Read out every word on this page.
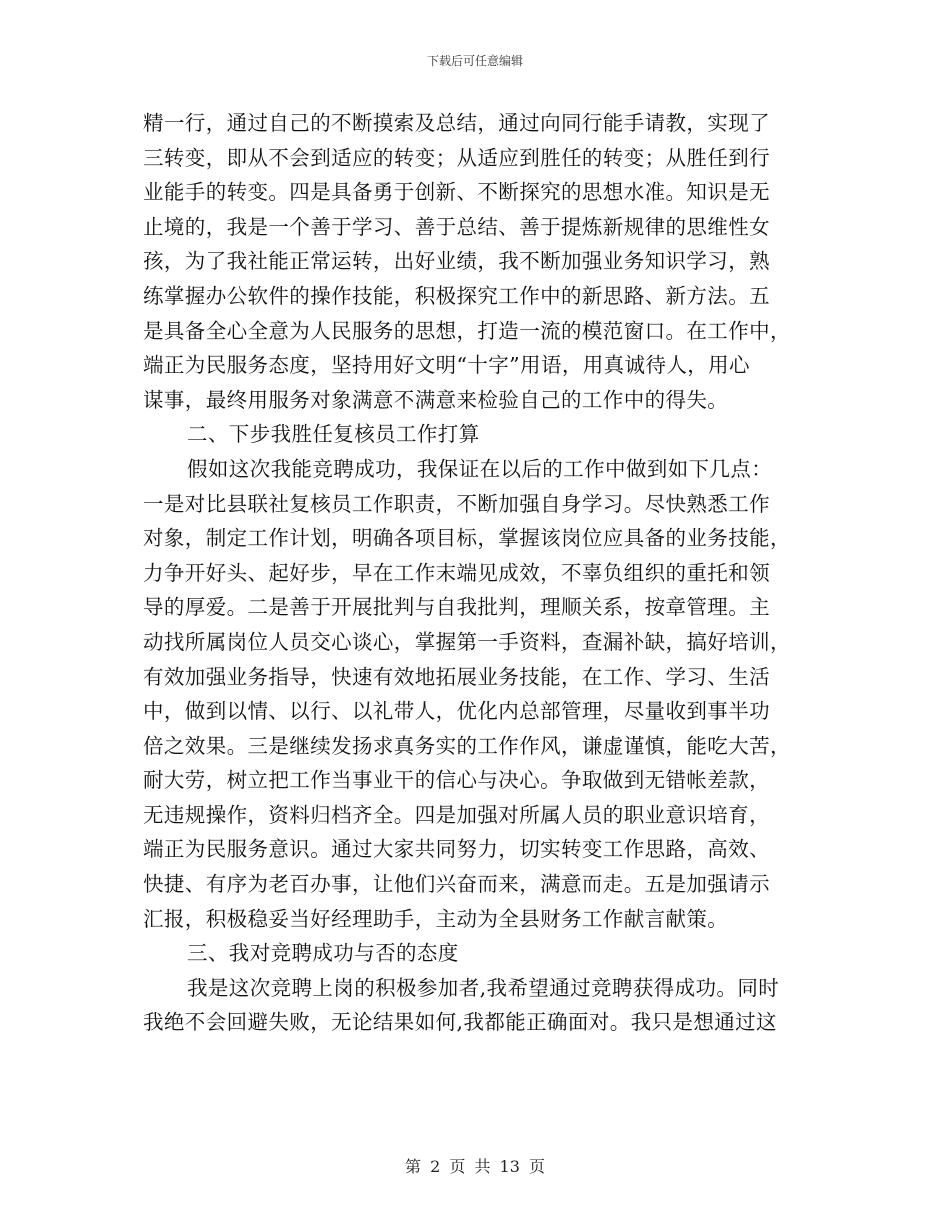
下载后可任意编辑
精一行，通过自己的不断摸索及总结，通过向同行能手请教，实现了
三转变，即从不会到适应的转变；从适应到胜任的转变；从胜任到行
业能手的转变。四是具备勇于创新、不断探究的思想水准。知识是无
止境的，我是一个善于学习、善于总结、善于提炼新规律的思维性女
孩，为了我社能正常运转，出好业绩，我不断加强业务知识学习，熟
练掌握办公软件的操作技能，积极探究工作中的新思路、新方法。五
是具备全心全意为人民服务的思想，打造一流的模范窗口。在工作中，
端正为民服务态度，坚持用好文明“十字”用语，用真诚待人，用心
谋事，最终用服务对象满意不满意来检验自己的工作中的得失。
二、下步我胜任复核员工作打算
假如这次我能竞聘成功，我保证在以后的工作中做到如下几点：
一是对比县联社复核员工作职责，不断加强自身学习。尽快熟悉工作
对象，制定工作计划，明确各项目标，掌握该岗位应具备的业务技能，
力争开好头、起好步，早在工作末端见成效，不辜负组织的重托和领
导的厚爱。二是善于开展批判与自我批判，理顺关系，按章管理。主
动找所属岗位人员交心谈心，掌握第一手资料，查漏补缺，搞好培训，
有效加强业务指导，快速有效地拓展业务技能，在工作、学习、生活
中，做到以情、以行、以礼带人，优化内总部管理，尽量收到事半功
倍之效果。三是继续发扬求真务实的工作作风，谦虚谨慎，能吃大苦，
耐大劳，树立把工作当事业干的信心与决心。争取做到无错帐差款，
无违规操作，资料归档齐全。四是加强对所属人员的职业意识培育，
端正为民服务意识。通过大家共同努力，切实转变工作思路，高效、
快捷、有序为老百办事，让他们兴奋而来，满意而走。五是加强请示
汇报，积极稳妥当好经理助手，主动为全县财务工作献言献策。
三、我对竞聘成功与否的态度
我是这次竞聘上岗的积极参加者,我希望通过竞聘获得成功。同时
我绝不会回避失败，无论结果如何,我都能正确面对。我只是想通过这
第 2 页 共 13 页
